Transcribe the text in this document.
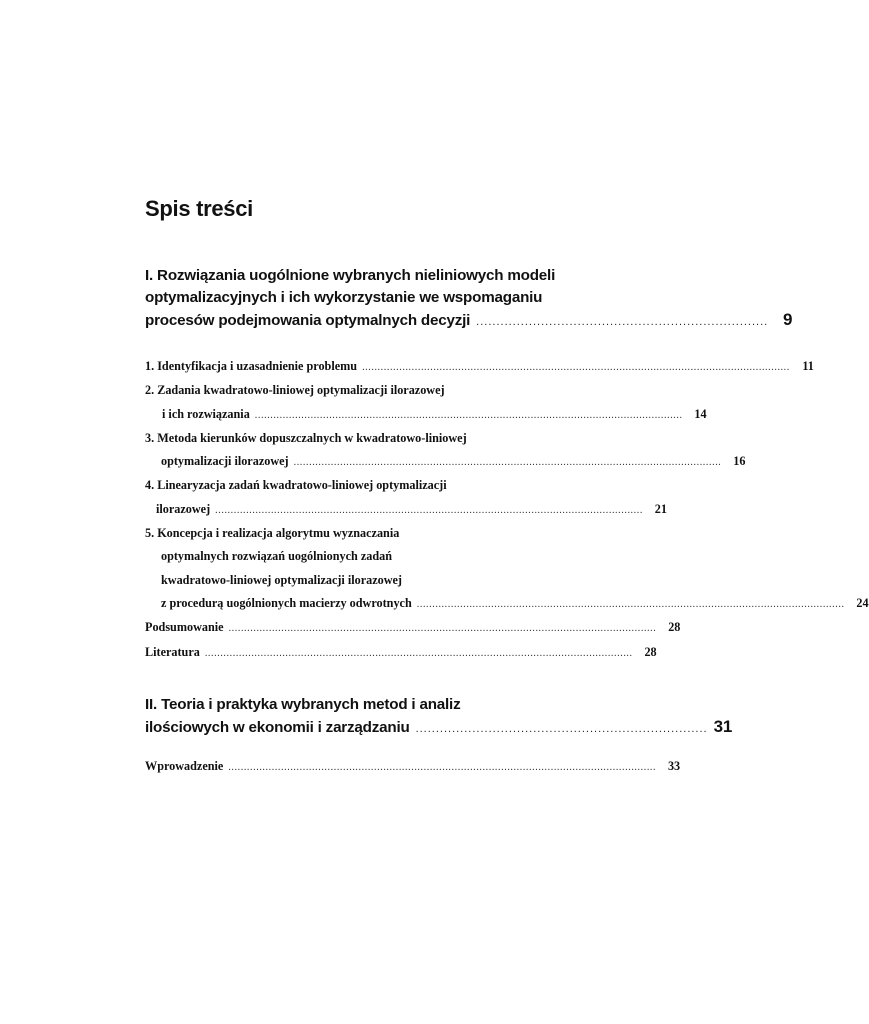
Spis treści
I. Rozwiązania uogólnione wybranych nieliniowych modeli
optymalizacyjnych i ich wykorzystanie we wspomaganiu
procesów podejmowania optymalnych decyzji ........................................................................ 9
1. Identyfikacja i uzasadnienie problemu ..........................................................................................................................................	11
2. Zadania kwadratowo-liniowej optymalizacji ilorazowej
i ich rozwiązania .......................................................................................................................................... 14
3. Metoda kierunków dopuszczalnych w kwadratowo-liniowej
optymalizacji ilorazowej .......................................................................................................................................... 16
4. Linearyzacja zadań kwadratowo-liniowej optymalizacji
ilorazowej .......................................................................................................................................... 21
5. Koncepcja i realizacja algorytmu wyznaczania
optymalnych rozwiązań uogólnionych zadań
kwadratowo-liniowej optymalizacji ilorazowej
z procedurą uogólnionych macierzy odwrotnych .......................................................................................................................................... 24
Podsumowanie .......................................................................................................................................... 28
Literatura .......................................................................................................................................... 28
II. Teoria i praktyka wybranych metod i analiz
ilościowych w ekonomii i zarządzaniu ........................................................................ 31
Wprowadzenie .......................................................................................................................................... 33
